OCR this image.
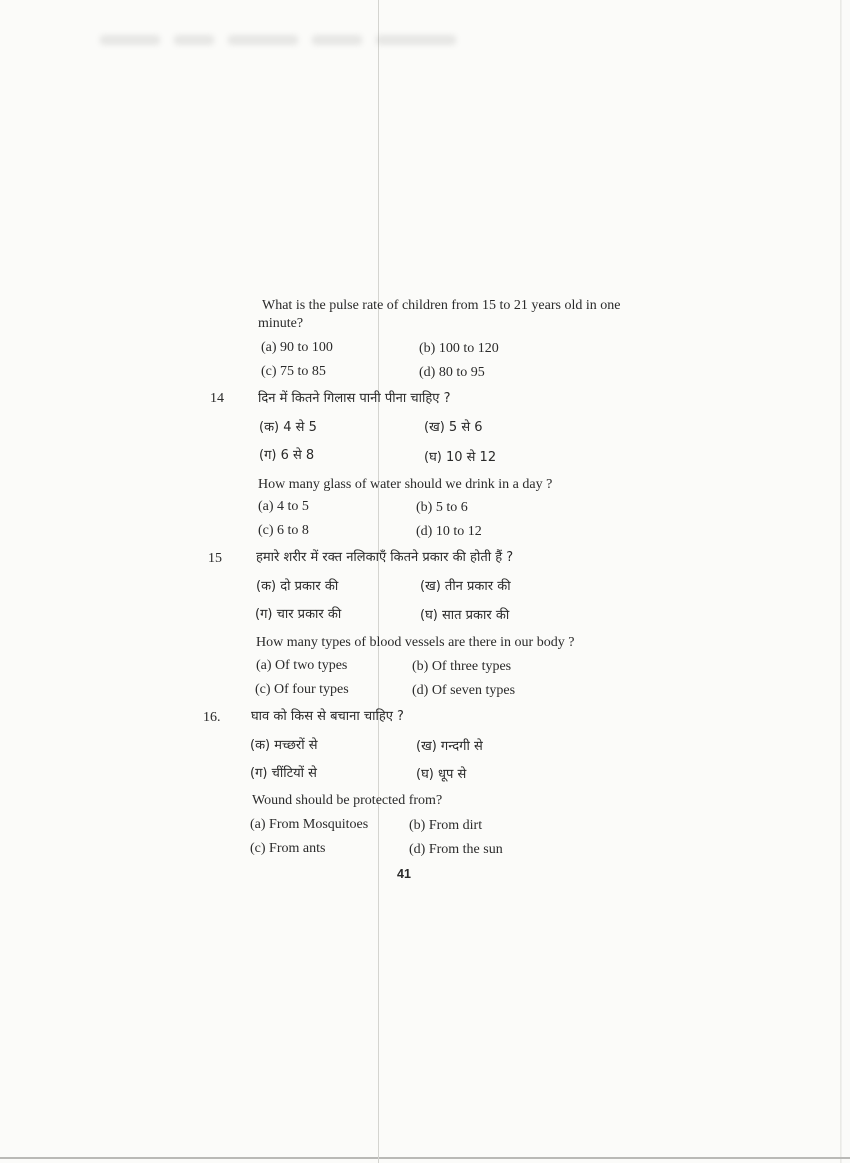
What is the pulse rate of children from 15 to 21 years old in one
minute?
(a) 90 to 100	(b) 100 to 120
(c) 75 to 85	(d) 80 to 95
14	दिन में कितने गिलास पानी पीना चाहिए ?
(क) 4 से 5	(ख) 5 से 6
(ग) 6 से 8	(घ) 10 से 12
How many glass of water should we drink in a day ?
(a) 4 to 5	(b) 5 to 6
(c) 6 to 8	(d) 10 to 12
15	हमारे शरीर में रक्त नलिकाएँ कितने प्रकार की होती हैं ?
(क) दो प्रकार की	(ख) तीन प्रकार की
(ग) चार प्रकार की	(घ) सात प्रकार की
How many types of blood vessels are there in our body ?
(a) Of two types	(b) Of three types
(c) Of four types	(d) Of seven types
16. घाव को किस से बचाना चाहिए ?
(क) मच्छरों से	(ख) गन्दगी से
(ग) चींटियों से	(घ) धूप से
Wound should be protected from?
(a) From Mosquitoes	(b) From dirt
(c) From ants	(d) From the sun
41
